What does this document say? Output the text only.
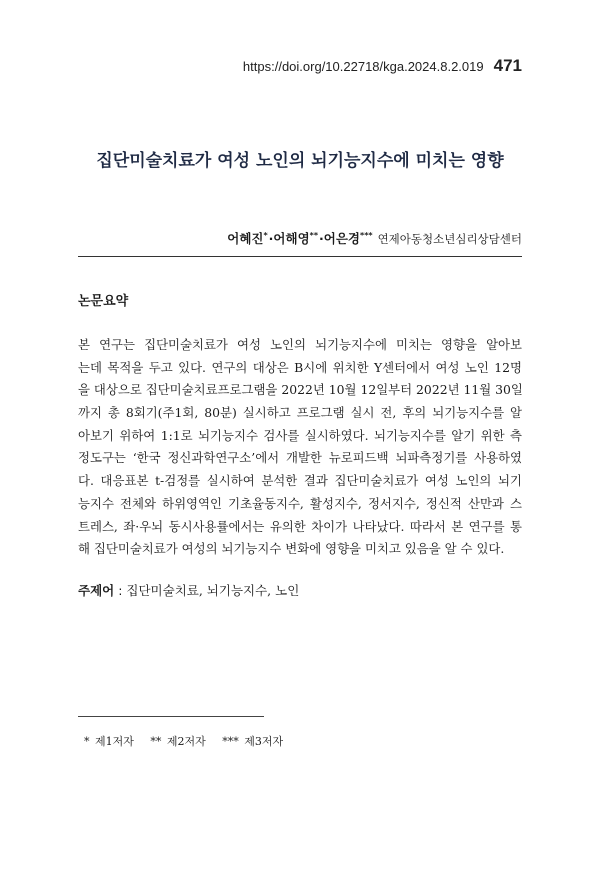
https://doi.org/10.22718/kga.2024.8.2.019 471
집단미술치료가 여성 노인의 뇌기능지수에 미치는 영향
어혜진*·어해영**·어은경*** 연제아동청소년심리상담센터
논문요약
본 연구는 집단미술치료가 여성 노인의 뇌기능지수에 미치는 영향을 알아보
는데 목적을 두고 있다. 연구의 대상은 B시에 위치한 Y센터에서 여성 노인 12명
을 대상으로 집단미술치료프로그램을 2022년 10월 12일부터 2022년 11월 30일
까지 총 8회기(주1회, 80분) 실시하고 프로그램 실시 전, 후의 뇌기능지수를 알
아보기 위하여 1:1로 뇌기능지수 검사를 실시하였다. 뇌기능지수를 알기 위한 측
정도구는 ‘한국 정신과학연구소’에서 개발한 뉴로피드백 뇌파측정기를 사용하였
다. 대응표본 t-검정를 실시하여 분석한 결과 집단미술치료가 여성 노인의 뇌기
능지수 전체와 하위영역인 기초율동지수, 활성지수, 정서지수, 정신적 산만과 스
트레스, 좌·우뇌 동시사용률에서는 유의한 차이가 나타났다. 따라서 본 연구를 통
해 집단미술치료가 여성의 뇌기능지수 변화에 영향을 미치고 있음을 알 수 있다.
주제어 : 집단미술치료, 뇌기능지수, 노인
* 제1저자   ** 제2저자   *** 제3저자
